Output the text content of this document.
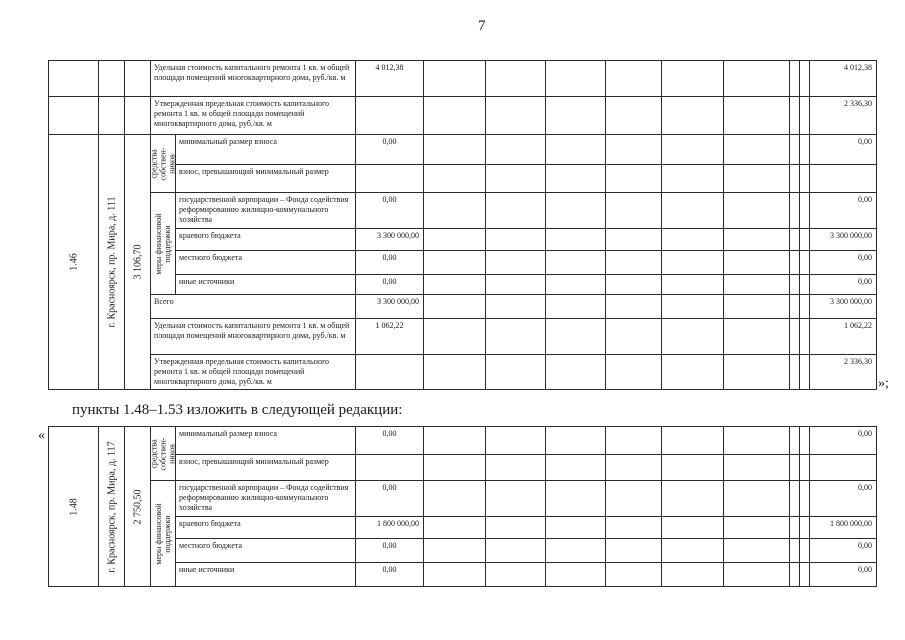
7
			Удельная стоимость капитального ремонта 1 кв. м общей площади помещений многоквартирного дома, руб./кв. м		4 012,38									4 012,38
			Утвержденная предельная стоимость капитального ремонта 1 кв. м общей площади помещений многоквартирного дома, руб./кв. м											2 336,30

1.46	г. Красноярск, пр. Мира, д. 111	3 106,70	средства собствен-ников	минимальный размер взноса	0,00									0,00
				взнос, превышающий минимальный размер										

			меры финансовой поддержки	государственной корпорации – Фонда содействия реформированию жилищно-коммунального хозяйства	0,00									0,00
				краевого бюджета	3 300 000,00									3 300 000,00
				местного бюджета	0,00									0,00
				иные источники	0,00									0,00
			Всего		3 300 000,00									3 300 000,00
			Удельная стоимость капитального ремонта 1 кв. м общей площади помещений многоквартирного дома, руб./кв. м		1 062,22									1 062,22
			Утвержденная предельная стоимость капитального ремонта 1 кв. м общей площади помещений многоквартирного дома, руб./кв. м											2 336,30
»;
пункты 1.48–1.53 изложить в следующей редакции:
«
1.48	г. Красноярск, пр. Мира, д. 117	2 750,50	средства собствен-ников	минимальный размер взноса	0,00									0,00
				взнос, превышающий минимальный размер										

			меры финансовой поддержки	государственной корпорации – Фонда содействия реформированию жилищно-коммунального хозяйства	0,00									0,00
				краевого бюджета	1 800 000,00									1 800 000,00
				местного бюджета	0,00									0,00
				иные источники	0,00									0,00
